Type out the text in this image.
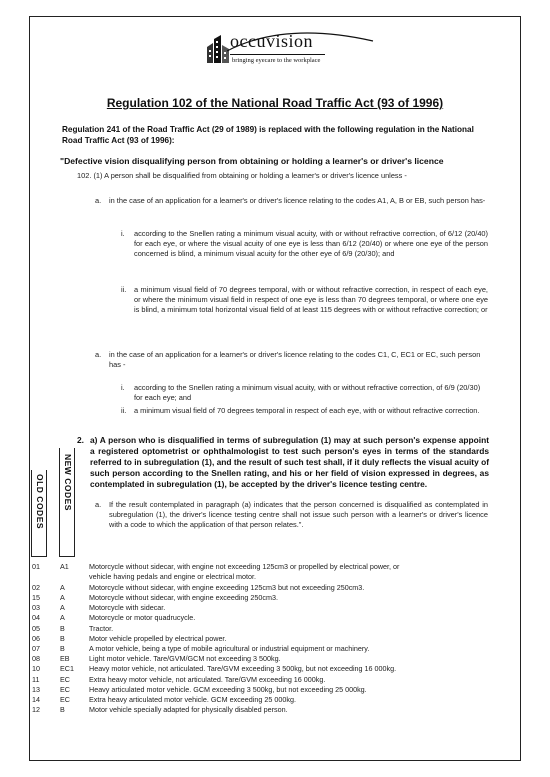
occuvision
bringing eyecare to the workplace
Regulation 102 of the National Road Traffic Act (93 of 1996)
Regulation 241 of the Road Traffic Act (29 of 1989) is replaced with the following regulation in the National Road Traffic Act (93 of 1996):
"Defective vision disqualifying person from obtaining or holding a learner's or driver's licence
102. (1) A person shall be disqualified from obtaining or holding a learner's or driver's licence unless -
a. in the case of an application for a learner's or driver's licence relating to the codes A1, A, B or EB, such person has-
i. according to the Snellen rating a minimum visual acuity, with or without refractive correction, of 6/12 (20/40) for each eye, or where the visual acuity of one eye is less than 6/12 (20/40) or where one eye of the person concerned is blind, a minimum visual acuity for the other eye of 6/9 (20/30); and
ii. a minimum visual field of 70 degrees temporal, with or without refractive correction, in respect of each eye, or where the minimum visual field in respect of one eye is less than 70 degrees temporal, or where one eye is blind, a minimum total horizontal visual field of at least 115 degrees with or without refractive correction; or
a. in the case of an application for a learner's or driver's licence relating to the codes C1, C, EC1 or EC, such person has -
i. according to the Snellen rating a minimum visual acuity, with or without refractive correction, of 6/9 (20/30) for each eye; and
ii. a minimum visual field of 70 degrees temporal in respect of each eye, with or without refractive correction.
2. a) A person who is disqualified in terms of subregulation (1) may at such person's expense appoint a registered optometrist or ophthalmologist to test such person's eyes in terms of the standards referred to in subregulation (1), and the result of such test shall, if it duly reflects the visual acuity of such person according to the Snellen rating, and his or her field of vision expressed in degrees, as contemplated in subregulation (1), be accepted by the driver's licence testing centre.
a. If the result contemplated in paragraph (a) indicates that the person concerned is disqualified as contemplated in subregulation (1), the driver's licence testing centre shall not issue such person with a learner's or driver's licence with a code to which the application of that person relates.".
OLD CODES NEW CODES
01	A1	Motorcycle without sidecar, with engine not exceeding 125cm3 or propelled by electrical power, or
vehicle having pedals and engine or electrical motor.
02	A	Motorcycle without sidecar, with engine exceeding 125cm3 but not exceeding 250cm3.
15	A	Motorcycle without sidecar, with engine exceeding 250cm3.
03	A	Motorcycle with sidecar.
04	A	Motorcycle or motor quadrucycle.
05	B	Tractor.
06	B	Motor vehicle propelled by electrical power.
07	B	A motor vehicle, being a type of mobile agricultural or industrial equipment or machinery.
08	EB	Light motor vehicle. Tare/GVM/GCM not exceeding 3 500kg.
10	EC1	Heavy motor vehicle, not articulated. Tare/GVM exceeding 3 500kg, but not exceeding 16 000kg.
11	EC	Extra heavy motor vehicle, not articulated. Tare/GVM exceeding 16 000kg.
13	EC	Heavy articulated motor vehicle. GCM exceeding 3 500kg, but not exceeding 25 000kg.
14	EC	Extra heavy articulated motor vehicle. GCM exceeding 25 000kg.
12	B	Motor vehicle specially adapted for physically disabled person.
